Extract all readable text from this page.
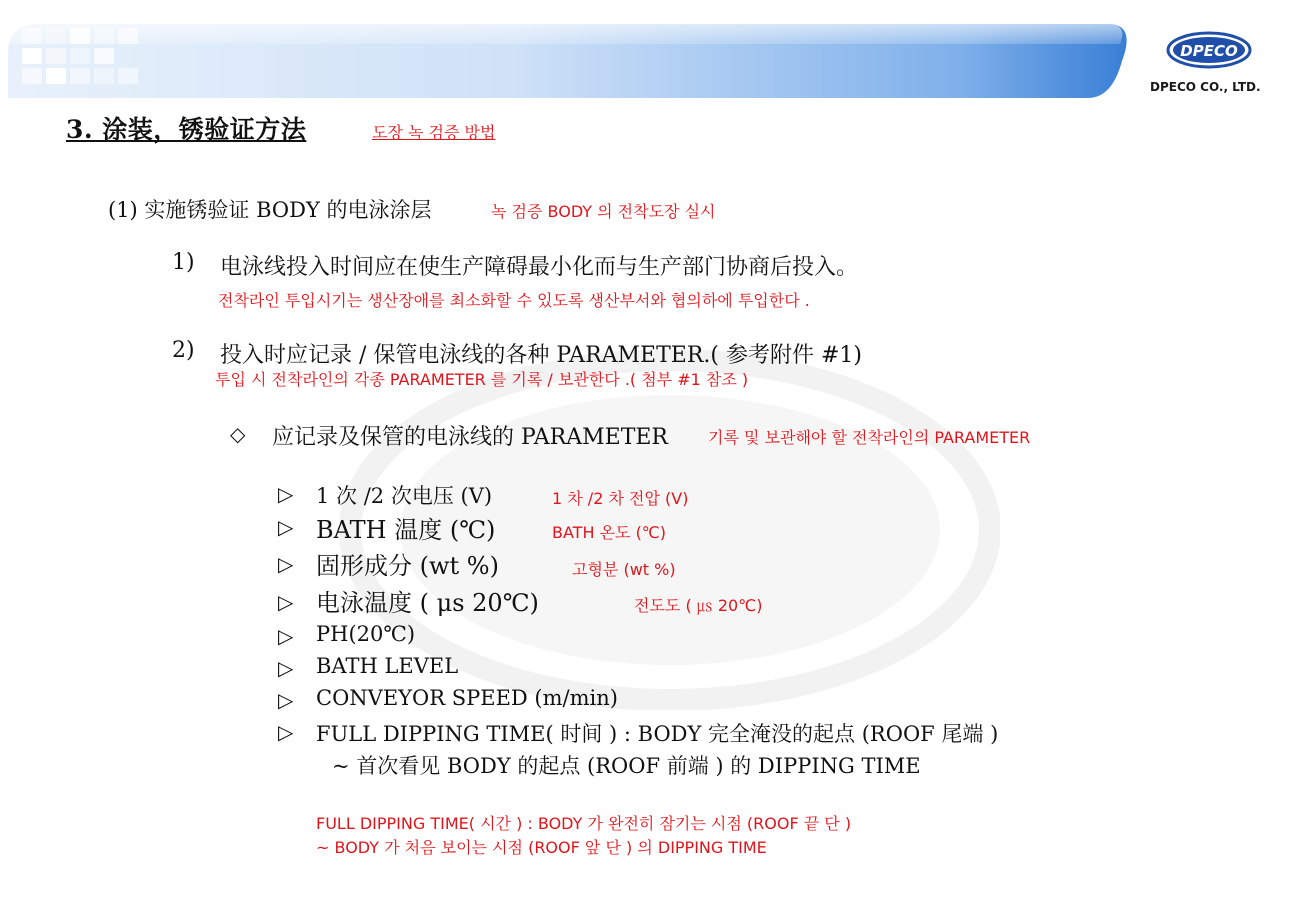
DPECO
DPECO CO., LTD.
3. 涂装，锈验证方法	도장 녹 검증 방법
(1) 实施锈验证 BODY 的电泳涂层	녹 검증 BODY 의 전착도장 실시
1) 电泳线投入时间应在使生产障碍最小化而与生产部门协商后投入。
전착라인 투입시기는 생산장애를 최소화할 수 있도록 생산부서와 협의하에 투입한다 .
2) 投入时应记录 / 保管电泳线的各种 PARAMETER.( 参考附件 #1)
투입 시 전착라인의 각종 PARAMETER 를 기록 / 보관한다 .( 첨부 #1 참조 )
◇ 应记录及保管的电泳线的 PARAMETER 기록 및 보관해야 할 전착라인의 PARAMETER
▷ 1 次 /2 次电压 (V)	1 차 /2 차 전압 (V)
▷ BATH 温度 (℃)	BATH 온도 (℃)
▷ 固形成分 (wt %)	고형분 (wt %)
▷ 电泳温度 ( μs 20℃)	전도도 ( ㎲ 20℃)
▷ PH(20℃)
▷ BATH LEVEL
▷ CONVEYOR SPEED (m/min)
▷ FULL DIPPING TIME( 时间 ) : BODY 完全淹没的起点 (ROOF 尾端 )
~ 首次看见 BODY 的起点 (ROOF 前端 ) 的 DIPPING TIME
FULL DIPPING TIME( 시간 ) : BODY 가 완전히 잠기는 시점 (ROOF 끝 단 )
~ BODY 가 처음 보이는 시점 (ROOF 앞 단 ) 의 DIPPING TIME
